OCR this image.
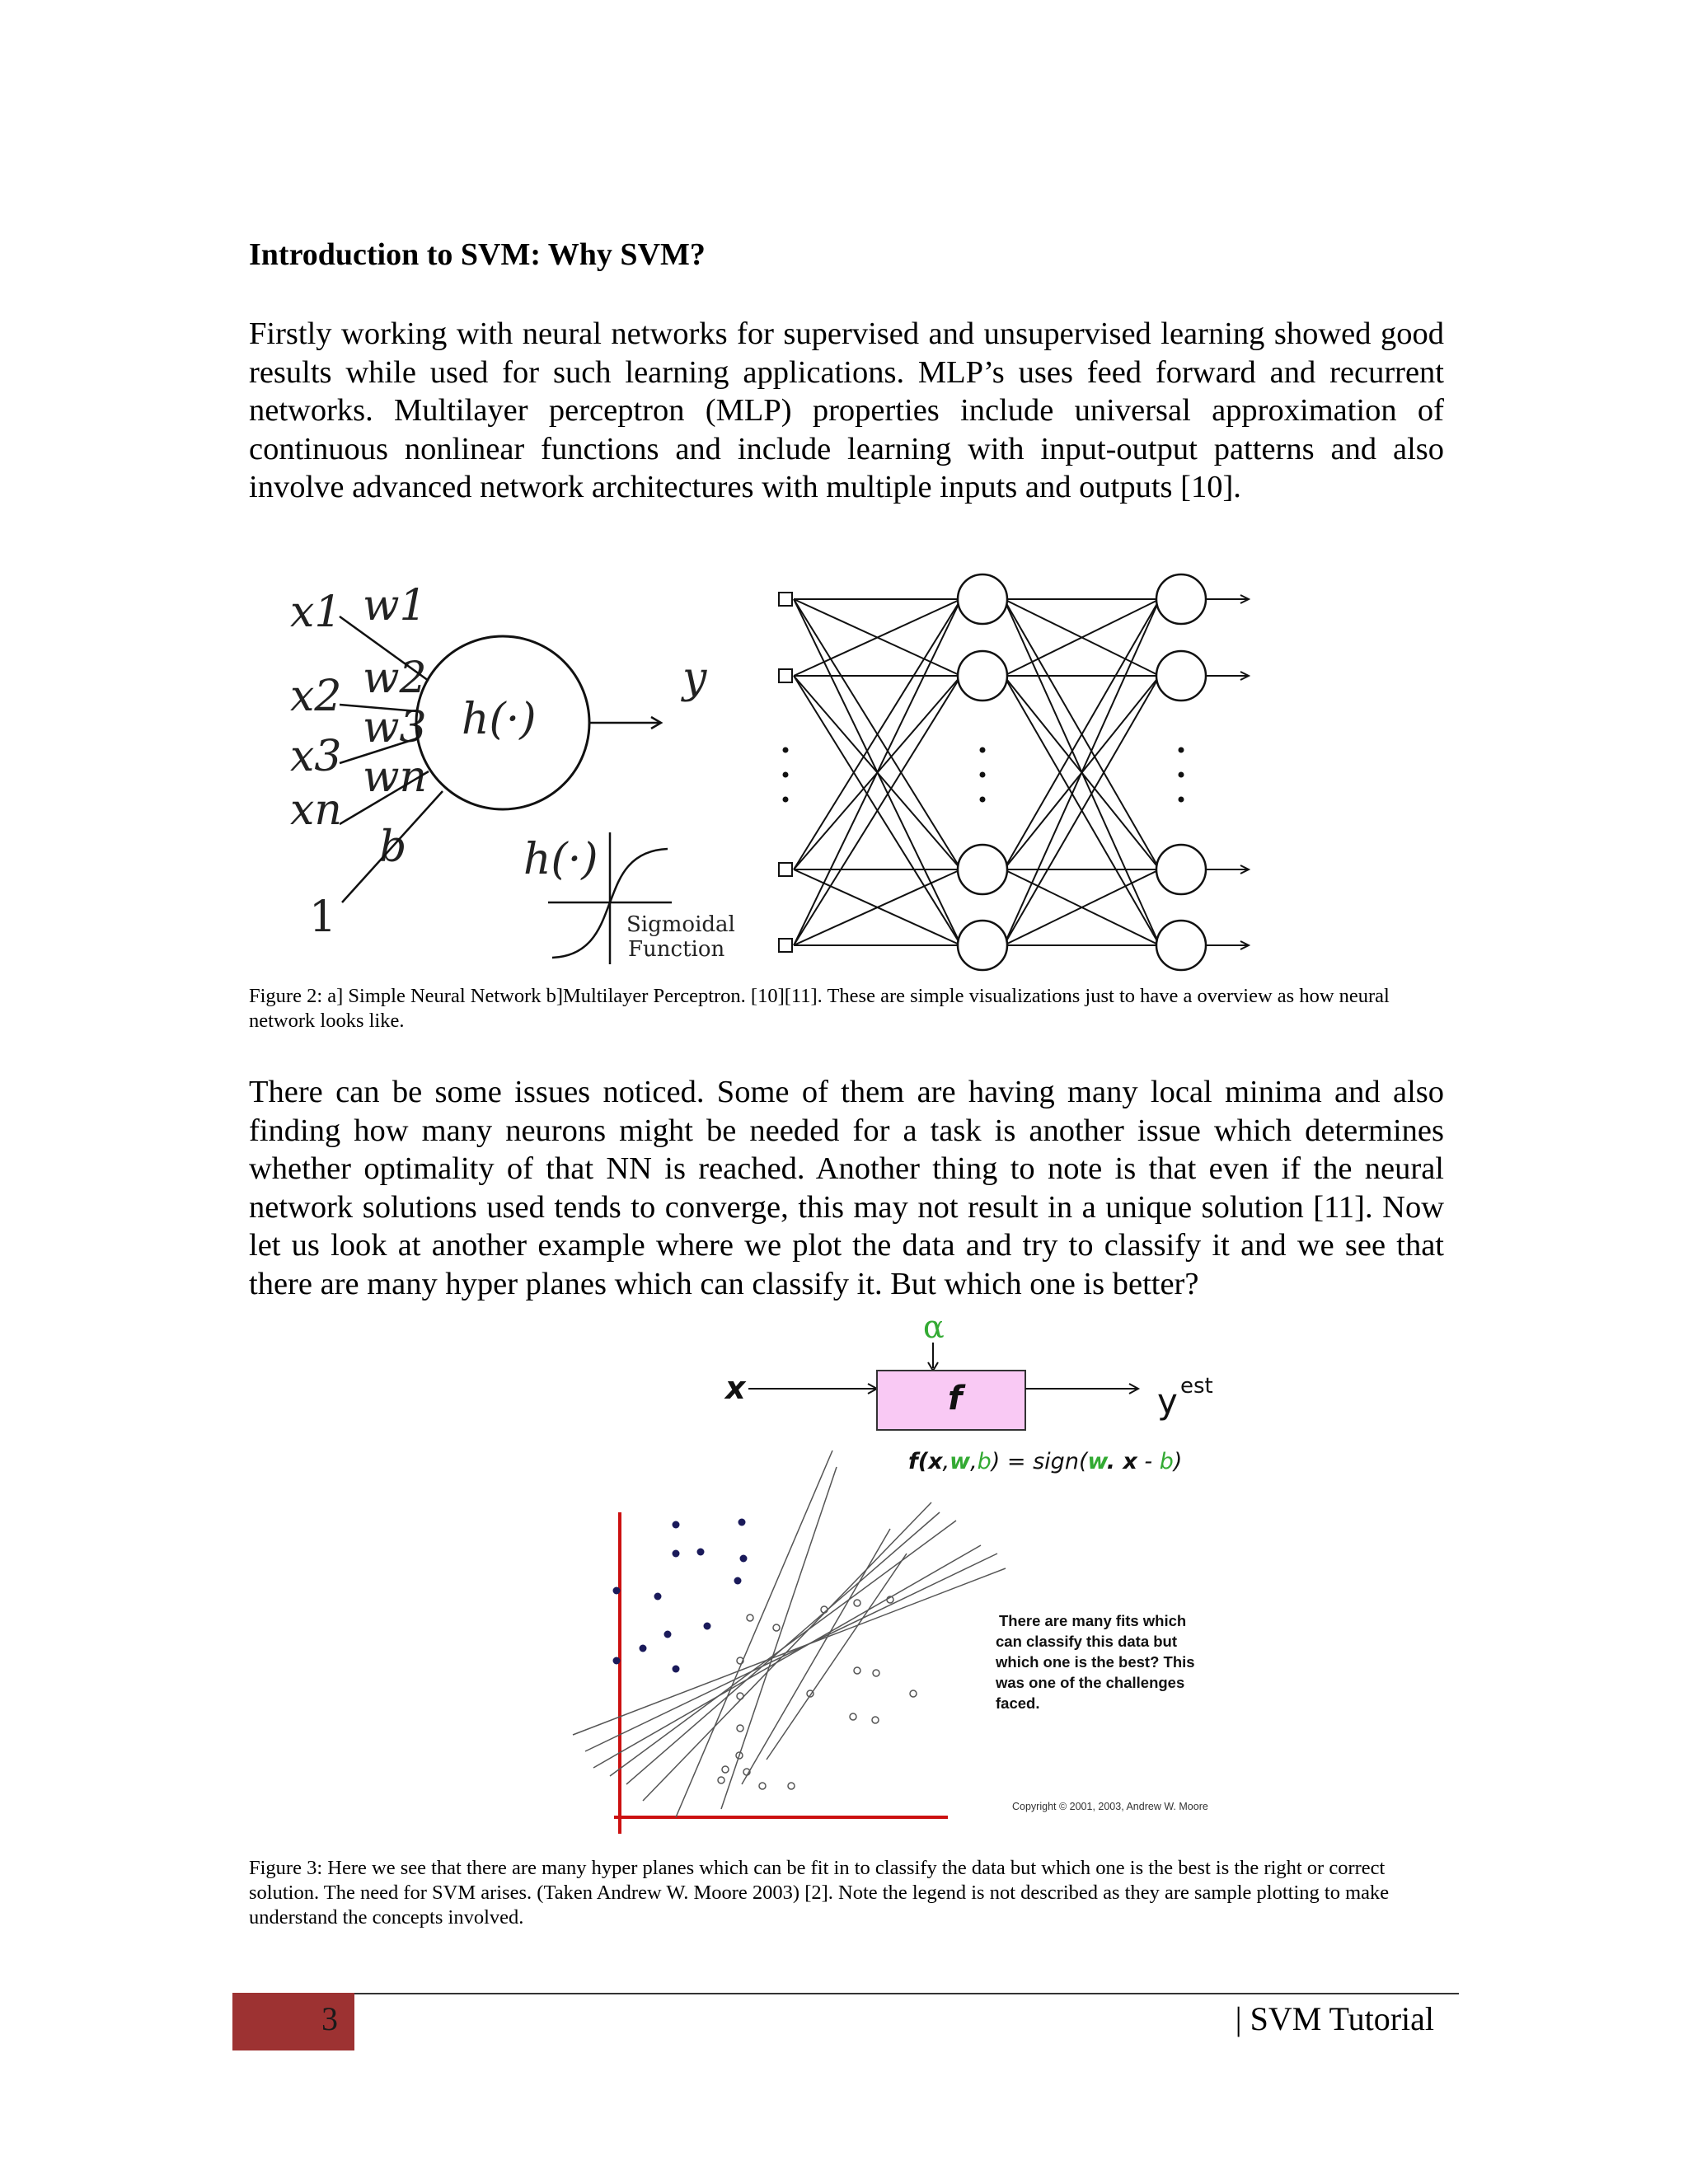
Introduction to SVM: Why SVM?
Firstly working with neural networks for supervised and unsupervised learning showed good results while used for such learning applications. MLP’s uses feed forward and recurrent networks. Multilayer perceptron (MLP) properties include universal approximation of continuous nonlinear functions and include learning with input-output patterns and also involve advanced network architectures with multiple inputs and outputs [10].
x1
x2
x3
xn
1
w1
w2
w3
wn
b
h(·)
y
h(·)
Sigmoidal
Function
Figure 2: a] Simple Neural Network b]Multilayer Perceptron. [10][11]. These are simple visualizations just to have a overview as how neural network looks like.
There can be some issues noticed. Some of them are having many local minima and also finding how many neurons might be needed for a task is another issue which determines whether optimality of that NN is reached. Another thing to note is that even if the neural network solutions used tends to converge, this may not result in a unique solution [11]. Now let us look at another example where we plot the data and try to classify it and we see that there are many hyper planes which can classify it. But which one is better?
α
x	f	y est
f(x,w,b) = sign(w. x - b)
There are many fits which
can classify this data but
which one is the best? This
was one of the challenges
faced.
Copyright © 2001, 2003, Andrew W. Moore
Figure 3: Here we see that there are many hyper planes which can be fit in to classify the data but which one is the best is the right or correct solution. The need for SVM arises. (Taken Andrew W. Moore 2003) [2]. Note the legend is not described as they are sample plotting to make understand the concepts involved.
3	| SVM Tutorial
